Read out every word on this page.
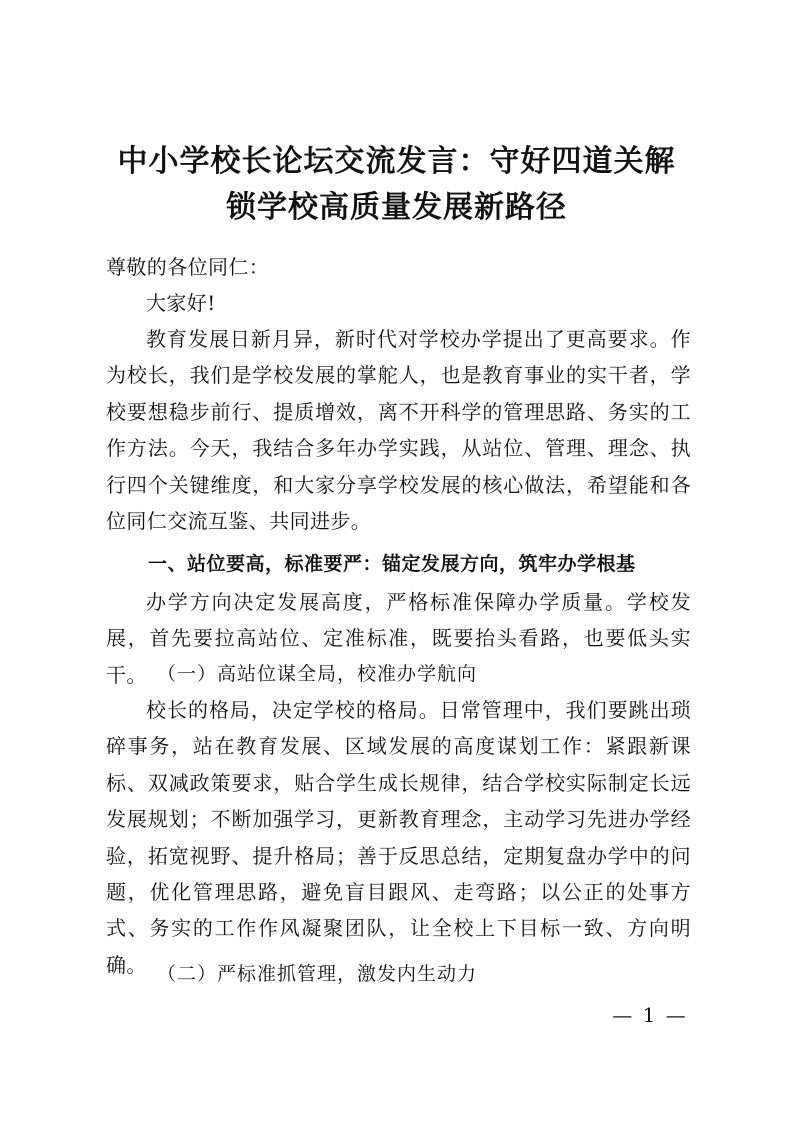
中小学校长论坛交流发言：守好四道关解
锁学校高质量发展新路径

尊敬的各位同仁：

大家好!

教育发展日新月异，新时代对学校办学提出了更高要求。作为校长，我们是学校发展的掌舵人，也是教育事业的实干者，学校要想稳步前行、提质增效，离不开科学的管理思路、务实的工作方法。今天，我结合多年办学实践，从站位、管理、理念、执行四个关键维度，和大家分享学校发展的核心做法，希望能和各位同仁交流互鉴、共同进步。

一、站位要高，标准要严：锚定发展方向，筑牢办学根基

办学方向决定发展高度，严格标准保障办学质量。学校发展，首先要拉高站位、定准标准，既要抬头看路，也要低头实干。 （一）高站位谋全局，校准办学航向

校长的格局，决定学校的格局。日常管理中，我们要跳出琐碎事务，站在教育发展、区域发展的高度谋划工作：紧跟新课标、双减政策要求，贴合学生成长规律，结合学校实际制定长远发展规划；不断加强学习，更新教育理念，主动学习先进办学经验，拓宽视野、提升格局；善于反思总结，定期复盘办学中的问题，优化管理思路，避免盲目跟风、走弯路；以公正的处事方式、务实的工作作风凝聚团队，让全校上下目标一致、方向明确。 （二）严标准抓管理，激发内生动力

— 1 —
